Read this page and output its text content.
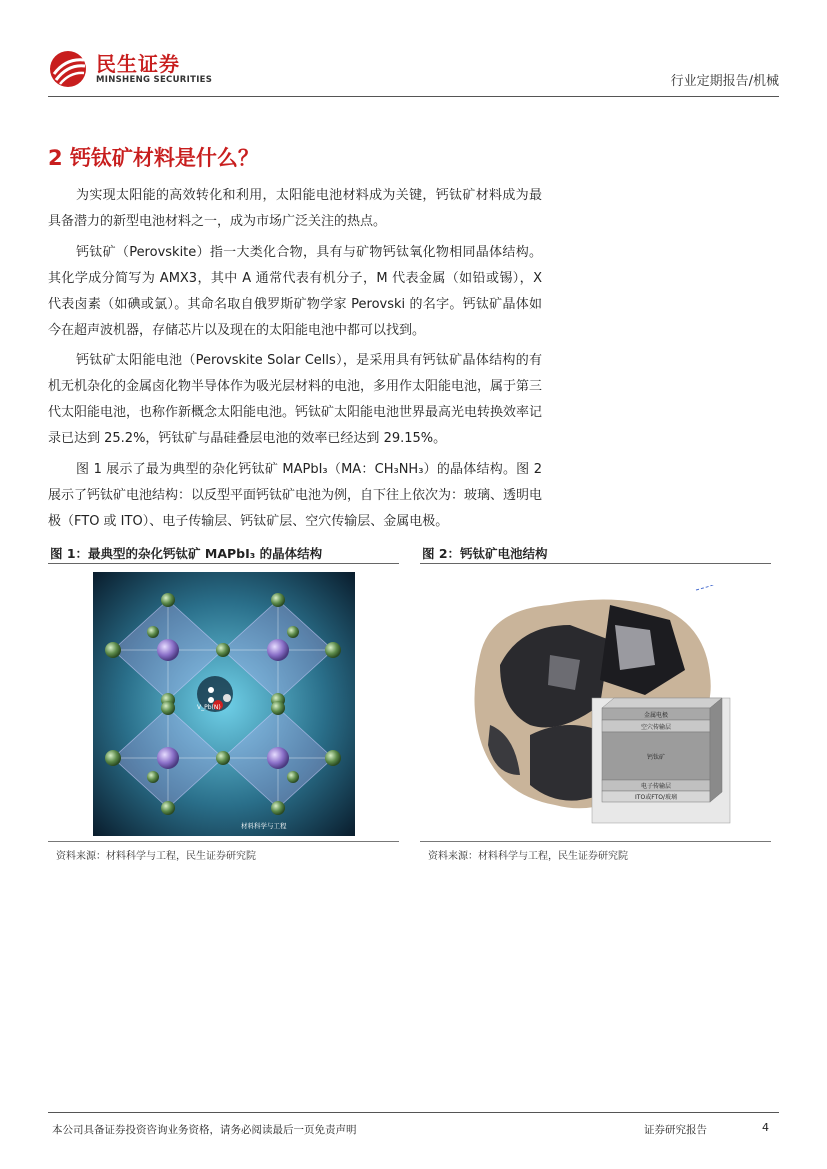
民生证券
MINSHENG SECURITIES	行业定期报告/机械
2 钙钛矿材料是什么？

为实现太阳能的高效转化和利用，太阳能电池材料成为关键，钙钛矿材料成为最具备潜力的新型电池材料之一，成为市场广泛关注的热点。

钙钛矿（Perovskite）指一大类化合物，具有与矿物钙钛氧化物相同晶体结构。其化学成分简写为 AMX3，其中 A 通常代表有机分子，M 代表金属（如铅或锡），X 代表卤素（如碘或氯）。其命名取自俄罗斯矿物学家 Perovski 的名字。钙钛矿晶体如今在超声波机器，存储芯片以及现在的太阳能电池中都可以找到。

钙钛矿太阳能电池（Perovskite Solar Cells），是采用具有钙钛矿晶体结构的有机无机杂化的金属卤化物半导体作为吸光层材料的电池，多用作太阳能电池，属于第三代太阳能电池，也称作新概念太阳能电池。钙钛矿太阳能电池世界最高光电转换效率记录已达到 25.2%，钙钛矿与晶硅叠层电池的效率已经达到 29.15%。

图 1 展示了最为典型的杂化钙钛矿 MAPbI₃（MA：CH₃NH₃）的晶体结构。图 2 展示了钙钛矿电池结构：以反型平面钙钛矿电池为例，自下往上依次为：玻璃、透明电极（FTO 或 ITO）、电子传输层、钙钛矿层、空穴传输层、金属电极。

图 1：最典型的杂化钙钛矿 MAPbI₃ 的晶体结构
V_Pb(N)
材料科学与工程
资料来源：材料科学与工程，民生证券研究院
图 2：钙钛矿电池结构
金属电极
空穴传输层
钙钛矿
电子传输层
ITO或FTO/玻璃
资料来源：材料科学与工程，民生证券研究院
本公司具备证券投资咨询业务资格，请务必阅读最后一页免责声明	证券研究报告	4
